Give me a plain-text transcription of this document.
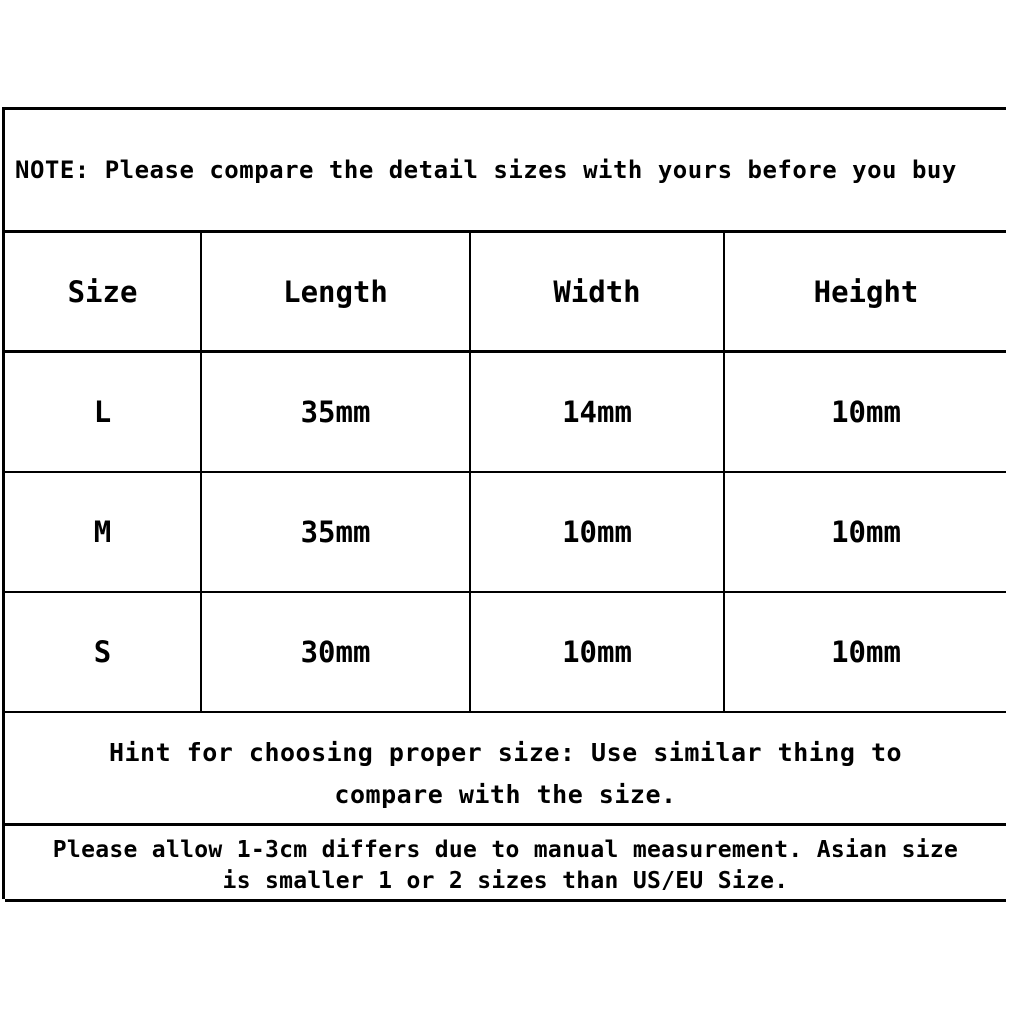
NOTE: Please compare the detail sizes with yours before you buy
Size	Length	Width	Height
L	35mm	14mm	10mm
M	35mm	10mm	10mm
S	30mm	10mm	10mm
Hint for choosing proper size: Use similar thing to
compare with the size.
Please allow 1-3cm differs due to manual measurement. Asian size
is smaller 1 or 2 sizes than US/EU Size.
